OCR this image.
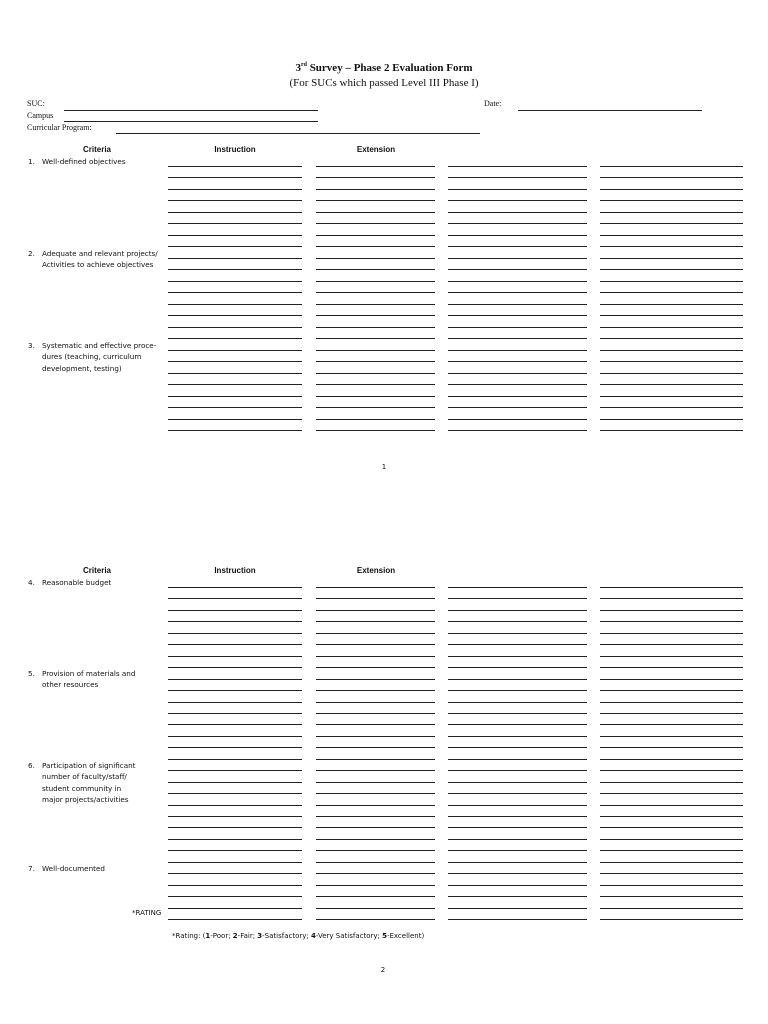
3rd Survey – Phase 2 Evaluation Form
(For SUCs which passed Level III Phase I)
SUC:
Campus
Curricular Program:
Date:
Criteria	Instruction	Extension
1. Well-defined objectives
2. Adequate and relevant projects/
Activities to achieve objectives
3. Systematic and effective proce-
dures (teaching, curriculum
development, testing)
1
Criteria	Instruction	Extension
4. Reasonable budget
5. Provision of materials and
other resources
6. Participation of significant
number of faculty/staff/
student community in
major projects/activities
7. Well-documented
*RATING
*Rating: (1-Poor; 2-Fair; 3-Satisfactory; 4-Very Satisfactory; 5-Excellent)
2
